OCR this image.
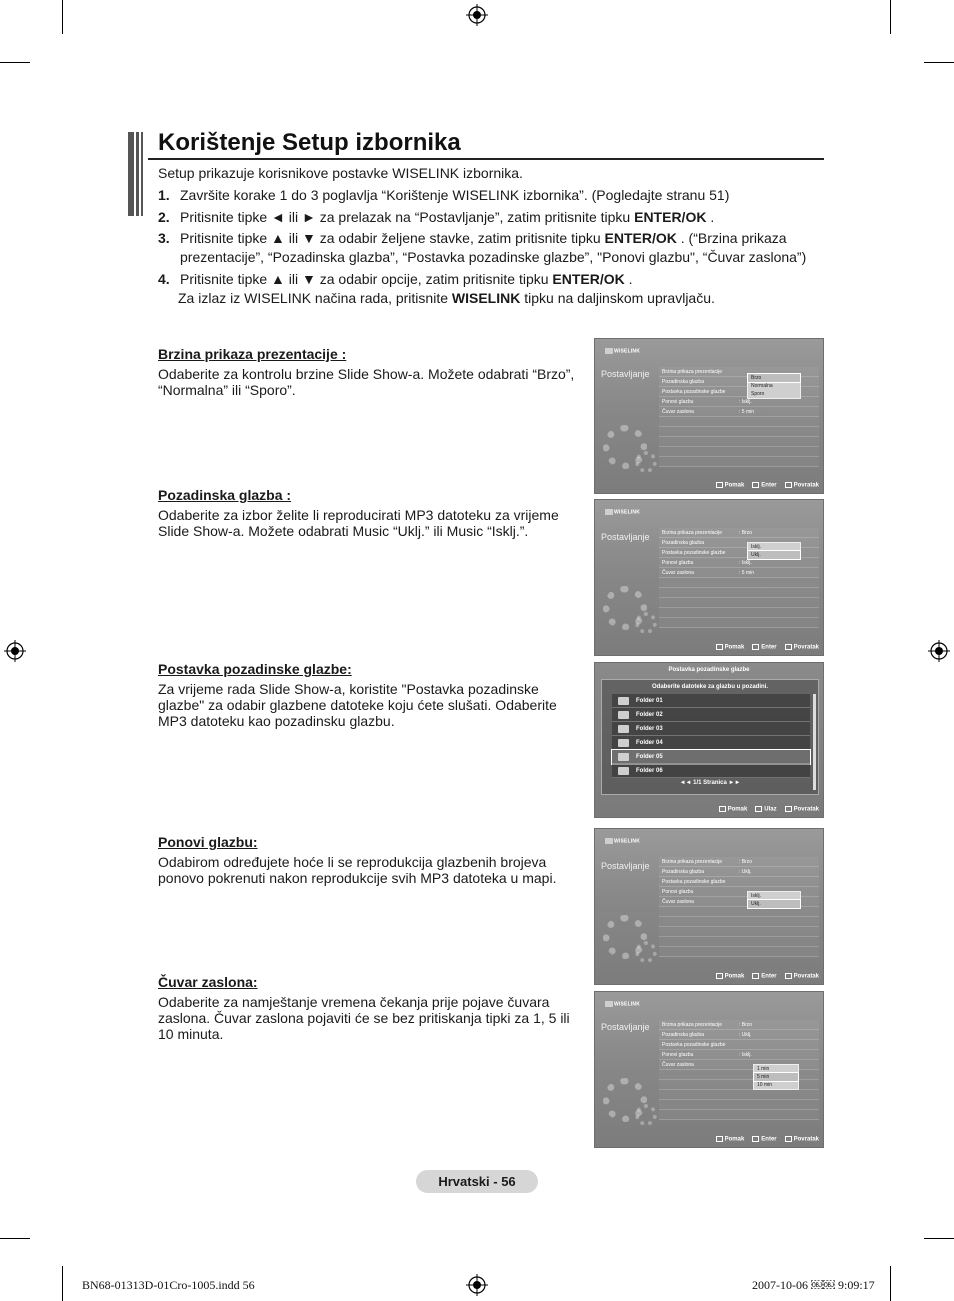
Korištenje Setup izbornika
Setup prikazuje korisnikove postavke WISELINK izbornika.
1. Završite korake 1 do 3 poglavlja “Korištenje WISELINK izbornika”. (Pogledajte stranu 51)
2. Pritisnite tipke ◄ ili ► za prelazak na “Postavljanje”, zatim pritisnite tipku ENTER/OK .
3. Pritisnite tipke ▲ ili ▼ za odabir željene stavke, zatim pritisnite tipku ENTER/OK . (“Brzina prikaza prezentacije”, “Pozadinska glazba”, “Postavka pozadinske glazbe”, "Ponovi glazbu", “Čuvar zaslona”)
4. Pritisnite tipke ▲ ili ▼ za odabir opcije, zatim pritisnite tipku ENTER/OK .
Za izlaz iz WISELINK načina rada, pritisnite WISELINK tipku na daljinskom upravljaču.
Brzina prikaza prezentacije :

Odaberite za kontrolu brzine Slide Show-a. Možete odabrati “Brzo”, “Normalna” ili “Sporo”.

Pozadinska glazba :

Odaberite za izbor želite li reproducirati MP3 datoteku za vrijeme Slide Show-a. Možete odabrati Music “Uklj.” ili Music “Isklj.”.

Postavka pozadinske glazbe:

Za vrijeme rada Slide Show-a, koristite "Postavka pozadinske glazbe" za odabir glazbene datoteke koju ćete slušati. Odaberite MP3 datoteku kao pozadinsku glazbu.

Ponovi glazbu:

Odabirom određujete hoće li se reprodukcija glazbenih brojeva ponovo pokrenuti nakon reprodukcije svih MP3 datoteka u mapi.

Čuvar zaslona:

Odaberite za namještanje vremena čekanja prije pojave čuvara zaslona. Čuvar zaslona pojaviti će se bez pritiskanja tipki za 1, 5 ili 10 minuta.

WISELINK
Postavljanje	Brzina prikaza prezentacije
Pozadinska glazba
Postavka pozadinske glazbe
Ponovi glazbu	: Isklj.
Čuvar zaslona	: 5 min
Brzo
Normalna
Sporo
Pomak	Enter	Povratak
WISELINK
Postavljanje	Brzina prikaza prezentacije	: Brzo
Pozadinska glazba
Postavka pozadinske glazbe
Ponovi glazbu	: Isklj.
Čuvar zaslona	: 5 min
Isklj.
Uklj.
Pomak	Enter	Povratak
Postavka pozadinske glazbe
Odaberite datoteke za glazbu u pozadini.
Folder 01
Folder 02
Folder 03
Folder 04
Folder 05
Folder 06
◄◄ 1/1 Stranica ►►
Pomak	Ulaz	Povratak
WISELINK
Postavljanje	Brzina prikaza prezentacije	: Brzo
Pozadinska glazba	: Uklj.
Postavka pozadinske glazbe
Ponovi glazbu
Čuvar zaslona
Isklj.
Uklj.
Pomak	Enter	Povratak
WISELINK
Postavljanje	Brzina prikaza prezentacije	: Brzo
Pozadinska glazba	: Uklj.
Postavka pozadinske glazbe
Ponovi glazbu	: Isklj.
Čuvar zaslona
1 min
5 min
10 min
Pomak	Enter	Povratak
Hrvatski - 56
BN68-01313D-01Cro-1005.indd 56	2007-10-06 ￼￼ 9:09:17
